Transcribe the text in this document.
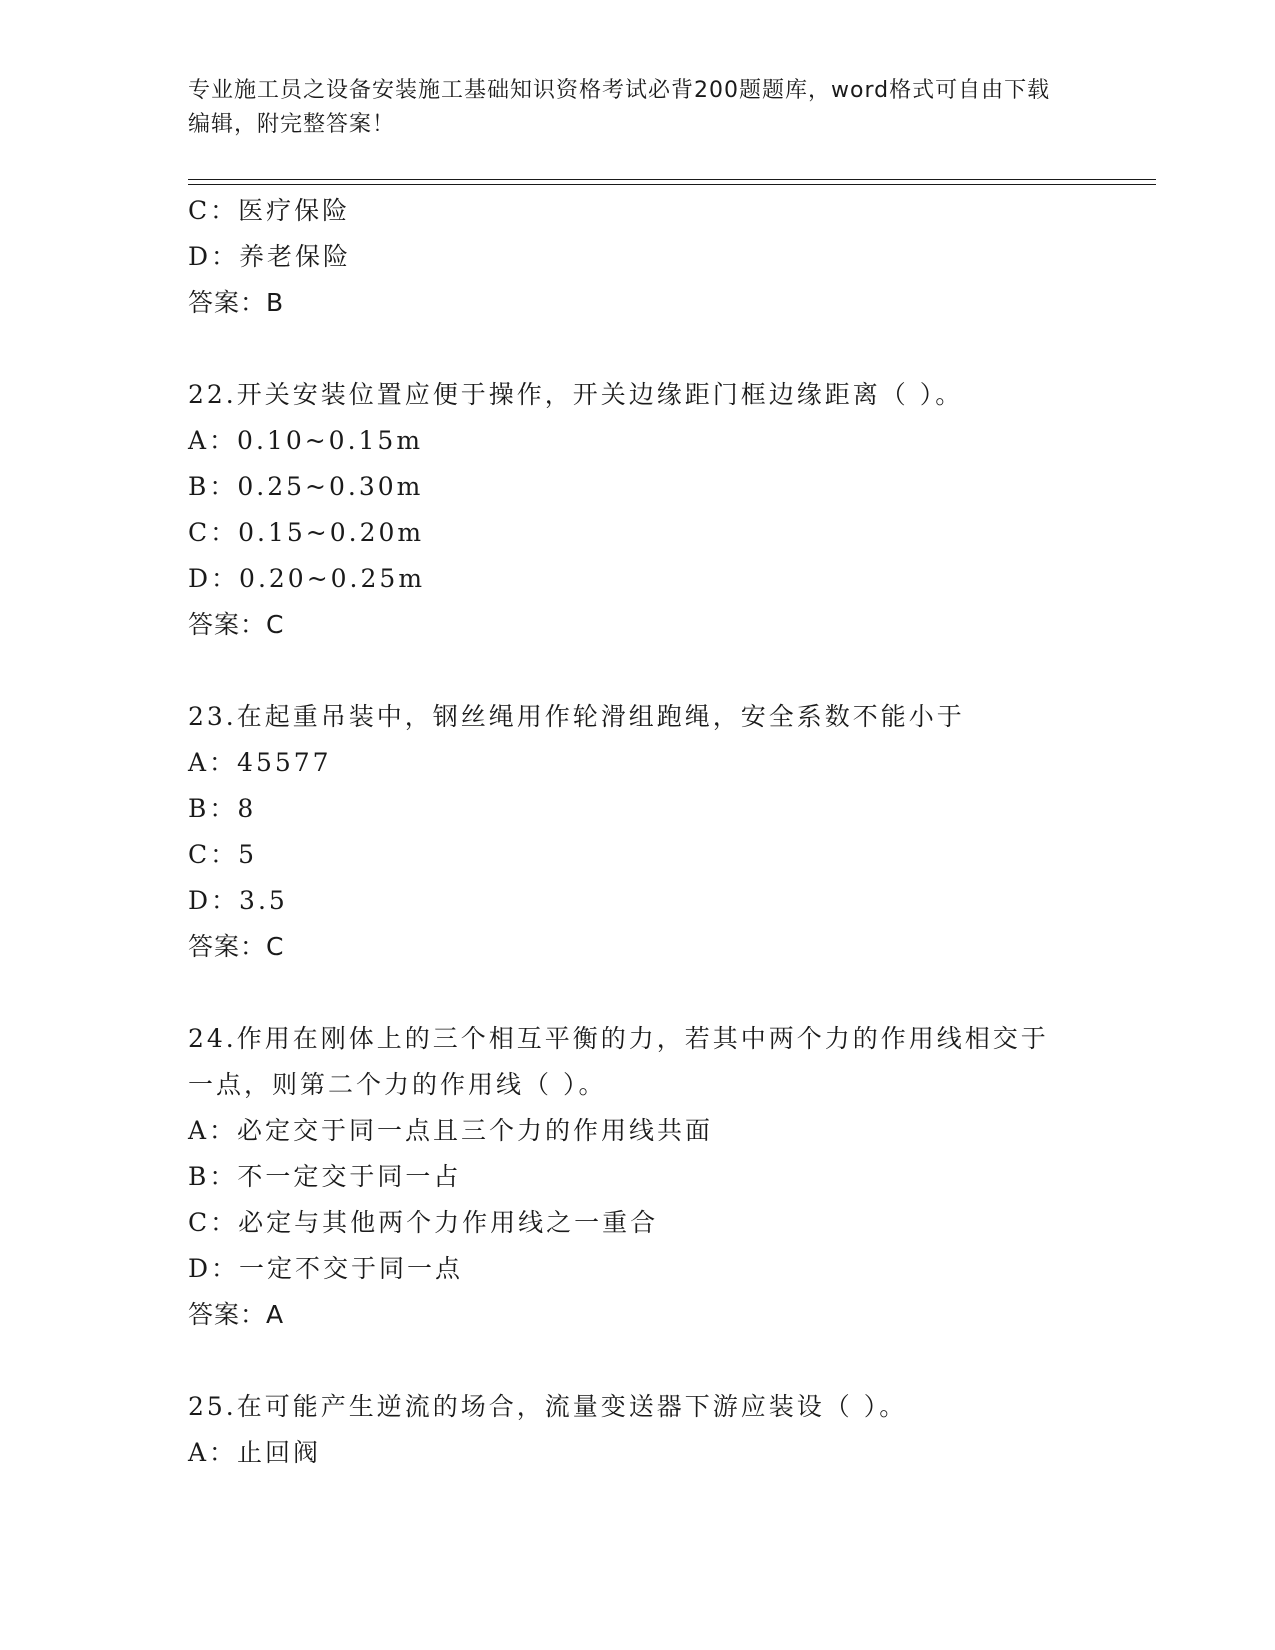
专业施工员之设备安装施工基础知识资格考试必背200题题库，word格式可自由下载编辑，附完整答案！
C：医疗保险
D：养老保险
答案：B
22.开关安装位置应便于操作，开关边缘距门框边缘距离（ ）。
A：0.10~0.15m
B：0.25~0.30m
C：0.15~0.20m
D：0.20~0.25m
答案：C
23.在起重吊装中，钢丝绳用作轮滑组跑绳，安全系数不能小于
A：45577
B：8
C：5
D：3.5
答案：C
24.作用在刚体上的三个相互平衡的力，若其中两个力的作用线相交于
一点，则第二个力的作用线（ ）。
A：必定交于同一点且三个力的作用线共面
B：不一定交于同一占
C：必定与其他两个力作用线之一重合
D：一定不交于同一点
答案：A
25.在可能产生逆流的场合，流量变送器下游应装设（ ）。
A：止回阀
